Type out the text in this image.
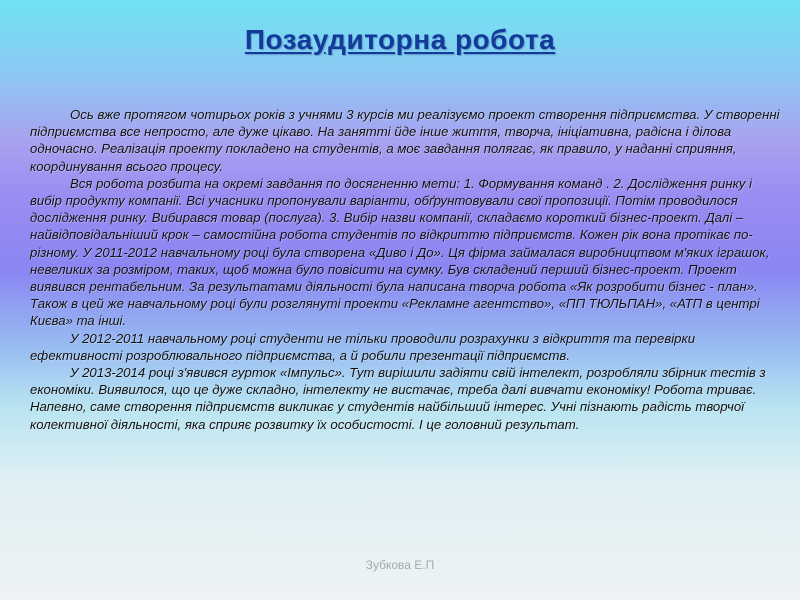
Позаудиторна робота

Ось вже протягом чотирьох років з учнями 3 курсів ми реалізуємо проект створення підприємства. У створенні підприємства все непросто, але дуже цікаво. На занятті йде інше життя, творча, ініціативна, радісна і ділова одночасно. Реалізація проекту покладено на студентів, а моє завдання полягає, як правило, у наданні сприяння, координування всього процесу.

Вся робота розбита на окремі завдання по досягненню мети: 1. Формування команд . 2. Дослідження ринку і вибір продукту компанії. Всі учасники пропонували варіанти, обґрунтовували свої пропозиції. Потім проводилося дослідження ринку. Вибирався товар (послуга). 3. Вибір назви компанії, складаємо короткий бізнес-проект. Далі – найвідповідальніший крок – самостійна робота студентів по відкриттю підприємств. Кожен рік вона протікає по-різному. У 2011-2012 навчальному році була створена «Диво і До». Ця фірма займалася виробництвом м'яких іграшок, невеликих за розміром, таких, щоб можна було повісити на сумку. Був складений перший бізнес-проект. Проект виявився рентабельним. За результатами діяльності була написана творча робота «Як розробити бізнес - план». Також в цей же навчальному році були розглянуті проекти «Рекламне агентство», «ПП ТЮЛЬПАН», «АТП в центрі Києва» та інші.

У 2012-2011 навчальному році студенти не тільки проводили розрахунки з відкриття та перевірки ефективності розроблювального підприємства, а й робили презентації підприємств.

У 2013-2014 році з'явився гурток «Імпульс». Тут вирішили задіяти свій інтелект, розробляли збірник тестів з економіки. Виявилося, що це дуже складно, інтелекту не вистачає, треба далі вивчати економіку! Робота триває. Напевно, саме створення підприємств викликає у студентів найбільший інтерес. Учні пізнають радість творчої колективної діяльності, яка сприяє розвитку їх особистості. І це головний результат.

Зубкова Е.П
